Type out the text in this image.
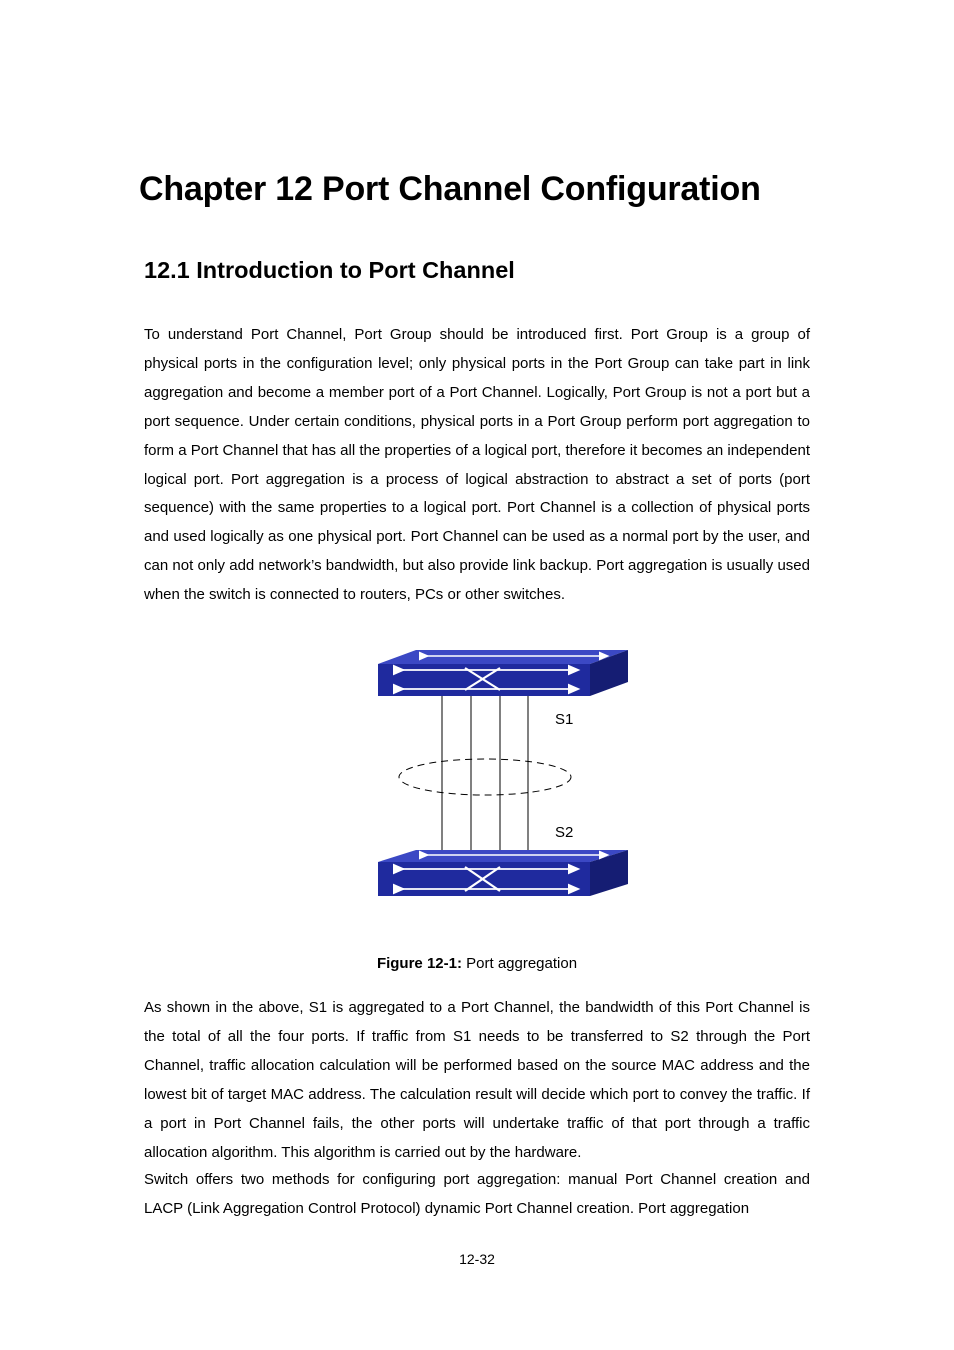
Chapter 12 Port Channel Configuration
12.1 Introduction to Port Channel

To understand Port Channel, Port Group should be introduced first. Port Group is a group of physical ports in the configuration level; only physical ports in the Port Group can take part in link aggregation and become a member port of a Port Channel. Logically, Port Group is not a port but a port sequence. Under certain conditions, physical ports in a Port Group perform port aggregation to form a Port Channel that has all the properties of a logical port, therefore it becomes an independent logical port. Port aggregation is a process of logical abstraction to abstract a set of ports (port sequence) with the same properties to a logical port. Port Channel is a collection of physical ports and used logically as one physical port. Port Channel can be used as a normal port by the user, and can not only add network’s bandwidth, but also provide link backup. Port aggregation is usually used when the switch is connected to routers, PCs or other switches.

S1
S2

Figure 12-1: Port aggregation

As shown in the above, S1 is aggregated to a Port Channel, the bandwidth of this Port Channel is the total of all the four ports. If traffic from S1 needs to be transferred to S2 through the Port Channel, traffic allocation calculation will be performed based on the source MAC address and the lowest bit of target MAC address. The calculation result will decide which port to convey the traffic. If a port in Port Channel fails, the other ports will undertake traffic of that port through a traffic allocation algorithm. This algorithm is carried out by the hardware.

Switch offers two methods for configuring port aggregation: manual Port Channel creation and LACP (Link Aggregation Control Protocol) dynamic Port Channel creation. Port aggregation

12-32
